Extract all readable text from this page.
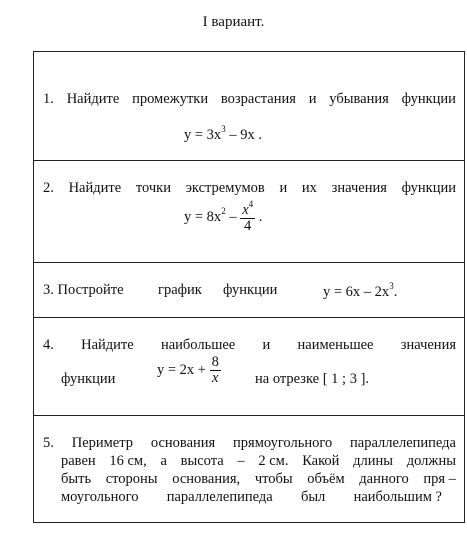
I вариант.
1. Найдите промежутки возрастания и убывания функции
$y = 3x^3 - 9x$ .
2. Найдите точки экстремумов и их значения функции
$y = 8x^2 - \frac{x^4}{4}$ .
3. Постройте график функции	$y = 6x - 2x^3$.
4. Найдите наибольшее и наименьшее значения
функции
$y = 2x + \frac{8}{x}$ на отрезке [ 1 ; 3 ].
5. Периметр основания прямоугольного параллелепипеда
равен 16 см, а высота – 2 см. Какой длины должны
быть стороны основания, чтобы объём данного пря –
моугольного параллелепипеда был наибольшим ?
